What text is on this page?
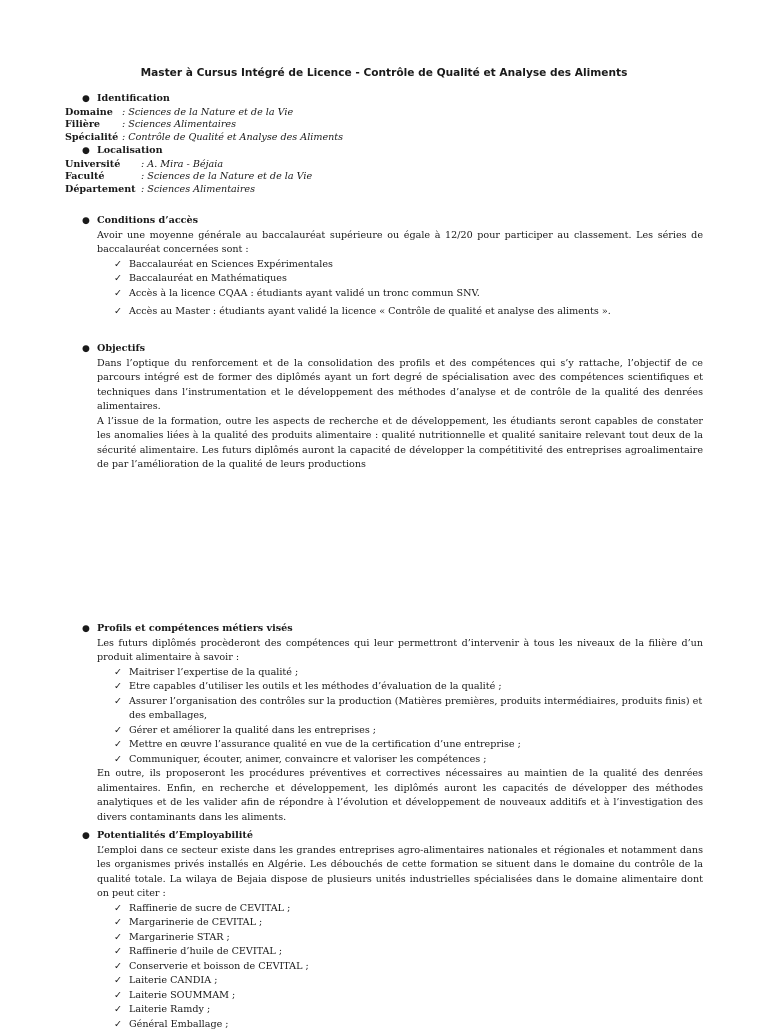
Master à Cursus Intégré de Licence - Contrôle de Qualité et Analyse des Aliments
● Identification
Domaine : Sciences de la Nature et de la Vie
Filière : Sciences Alimentaires
Spécialité : Contrôle de Qualité et Analyse des Aliments
● Localisation
Université : A. Mira - Béjaia
Faculté	: Sciences de la Nature et de la Vie
Département : Sciences Alimentaires
● Conditions d’accès
Avoir une moyenne générale au baccalauréat supérieure ou égale à 12/20 pour participer au classement. Les séries de baccalauréat concernées sont :
✓ Baccalauréat en Sciences Expérimentales
✓ Baccalauréat en Mathématiques
✓ Accès à la licence CQAA : étudiants ayant validé un tronc commun SNV.
✓ Accès au Master : étudiants ayant validé la licence « Contrôle de qualité et analyse des aliments ».
● Objectifs
Dans l’optique du renforcement et de la consolidation des profils et des compétences qui s’y rattache, l’objectif de ce parcours intégré est de former des diplômés ayant un fort degré de spécialisation avec des compétences scientifiques et techniques dans l’instrumentation et le développement des méthodes d’analyse et de contrôle de la qualité des denrées alimentaires.
A l’issue de la formation, outre les aspects de recherche et de développement, les étudiants seront capables de constater les anomalies liées à la qualité des produits alimentaire : qualité nutritionnelle et qualité sanitaire relevant tout deux de la sécurité alimentaire. Les futurs diplômés auront la capacité de développer la compétitivité des entreprises agroalimentaire de par l’amélioration de la qualité de leurs productions
● Profils et compétences métiers visés
Les futurs diplômés procèderont des compétences qui leur permettront d’intervenir à tous les niveaux de la filière d’un produit alimentaire à savoir :
✓ Maitriser l’expertise de la qualité ;
✓ Etre capables d’utiliser les outils et les méthodes d’évaluation de la qualité ;
✓ Assurer l’organisation des contrôles sur la production (Matières premières, produits intermédiaires, produits finis) et des emballages,
✓ Gérer et améliorer la qualité dans les entreprises ;
✓ Mettre en œuvre l’assurance qualité en vue de la certification d’une entreprise ;
✓ Communiquer, écouter, animer, convaincre et valoriser les compétences ;
En outre, ils proposeront les procédures préventives et correctives nécessaires au maintien de la qualité des denrées alimentaires. Enfin, en recherche et développement, les diplômés auront les capacités de développer des méthodes analytiques et de les valider afin de répondre à l’évolution et développement de nouveaux additifs et à l’investigation des divers contaminants dans les aliments.
● Potentialités d’Employabilité
L’emploi dans ce secteur existe dans les grandes entreprises agro-alimentaires nationales et régionales et notamment dans les organismes privés installés en Algérie. Les débouchés de cette formation se situent dans le domaine du contrôle de la qualité totale. La wilaya de Bejaia dispose de plusieurs unités industrielles spécialisées dans le domaine alimentaire dont on peut citer :
✓ Raffinerie de sucre de CEVITAL ;
✓ Margarinerie de CEVITAL ;
✓ Margarinerie STAR ;
✓ Raffinerie d’huile de CEVITAL ;
✓ Conserverie et boisson de CEVITAL ;
✓ Laiterie CANDIA ;
✓ Laiterie SOUMMAM ;
✓ Laiterie Ramdy ;
✓ Général Emballage ;
